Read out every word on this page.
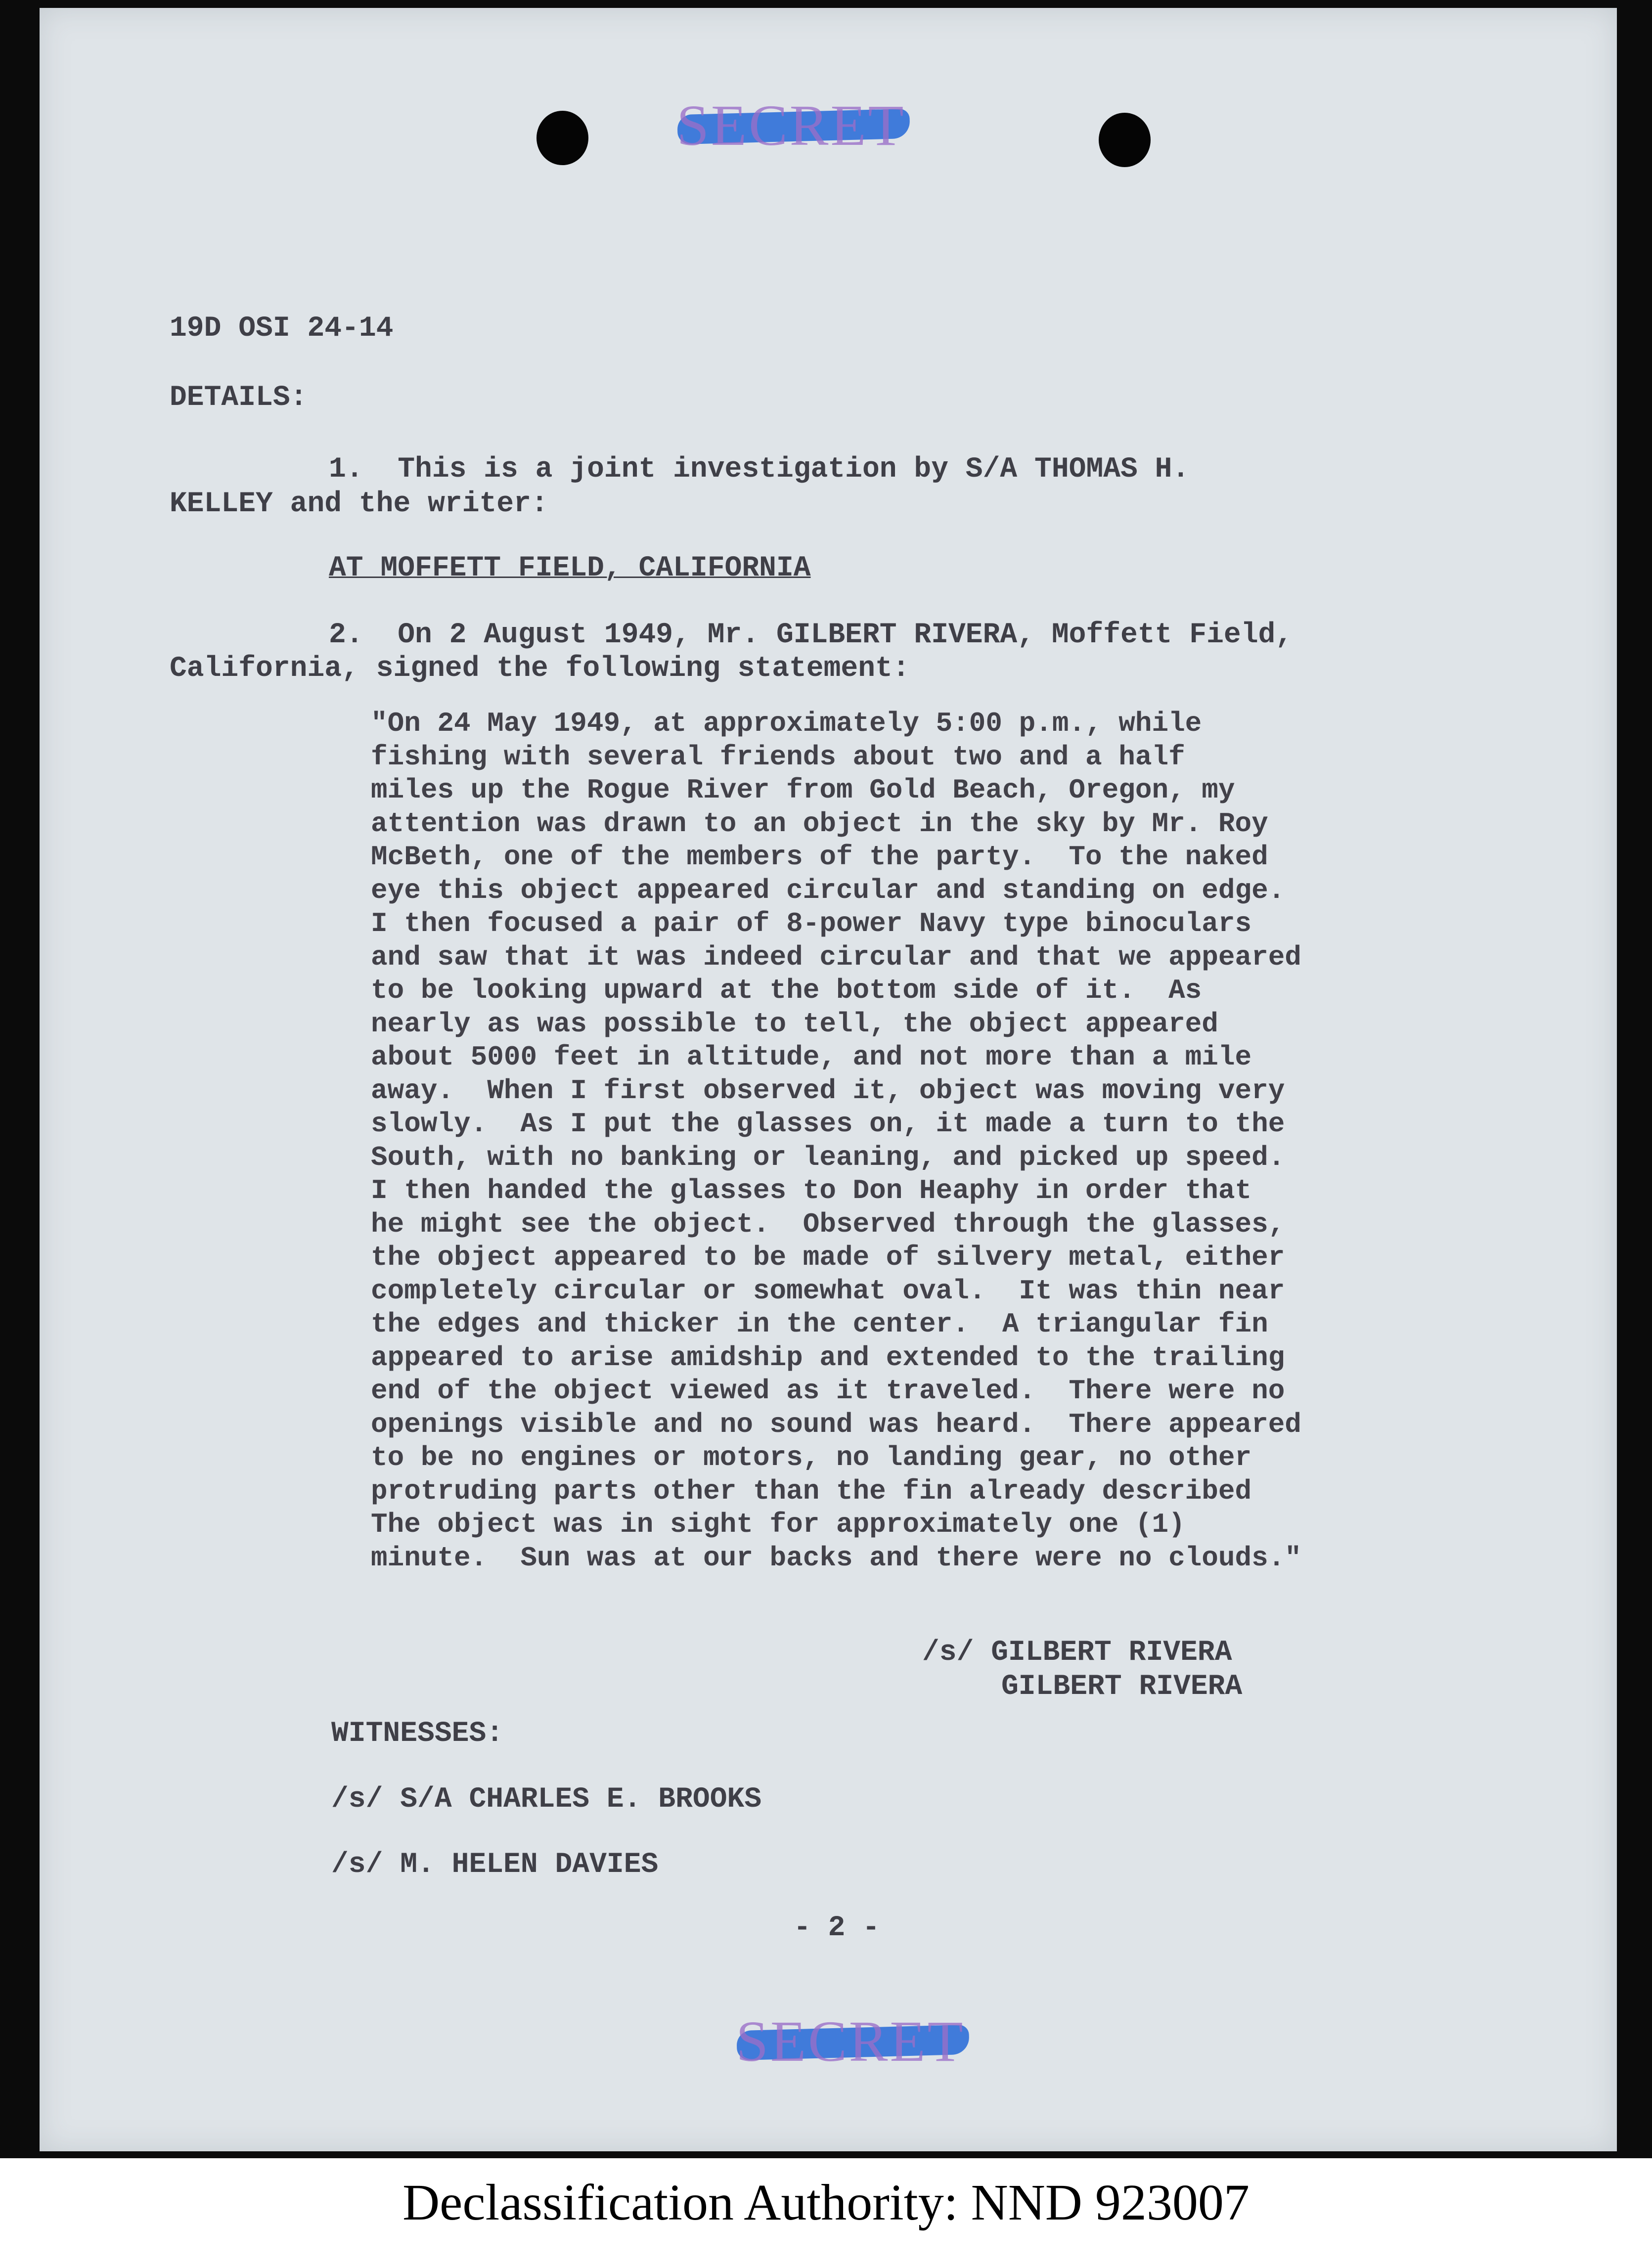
SECRET
19D OSI 24-14
DETAILS:
1.  This is a joint investigation by S/A THOMAS H.
KELLEY and the writer:
AT MOFFETT FIELD, CALIFORNIA
2.  On 2 August 1949, Mr. GILBERT RIVERA, Moffett Field,
California, signed the following statement:
"On 24 May 1949, at approximately 5:00 p.m., while
fishing with several friends about two and a half
miles up the Rogue River from Gold Beach, Oregon, my
attention was drawn to an object in the sky by Mr. Roy
McBeth, one of the members of the party.  To the naked
eye this object appeared circular and standing on edge.
I then focused a pair of 8-power Navy type binoculars
and saw that it was indeed circular and that we appeared
to be looking upward at the bottom side of it.  As
nearly as was possible to tell, the object appeared
about 5000 feet in altitude, and not more than a mile
away.  When I first observed it, object was moving very
slowly.  As I put the glasses on, it made a turn to the
South, with no banking or leaning, and picked up speed.
I then handed the glasses to Don Heaphy in order that
he might see the object.  Observed through the glasses,
the object appeared to be made of silvery metal, either
completely circular or somewhat oval.  It was thin near
the edges and thicker in the center.  A triangular fin
appeared to arise amidship and extended to the trailing
end of the object viewed as it traveled.  There were no
openings visible and no sound was heard.  There appeared
to be no engines or motors, no landing gear, no other
protruding parts other than the fin already described
The object was in sight for approximately one (1)
minute.  Sun was at our backs and there were no clouds."
/s/ GILBERT RIVERA
GILBERT RIVERA
WITNESSES:
/s/ S/A CHARLES E. BROOKS
/s/ M. HELEN DAVIES
- 2 -
SECRET
Declassification Authority: NND 923007
